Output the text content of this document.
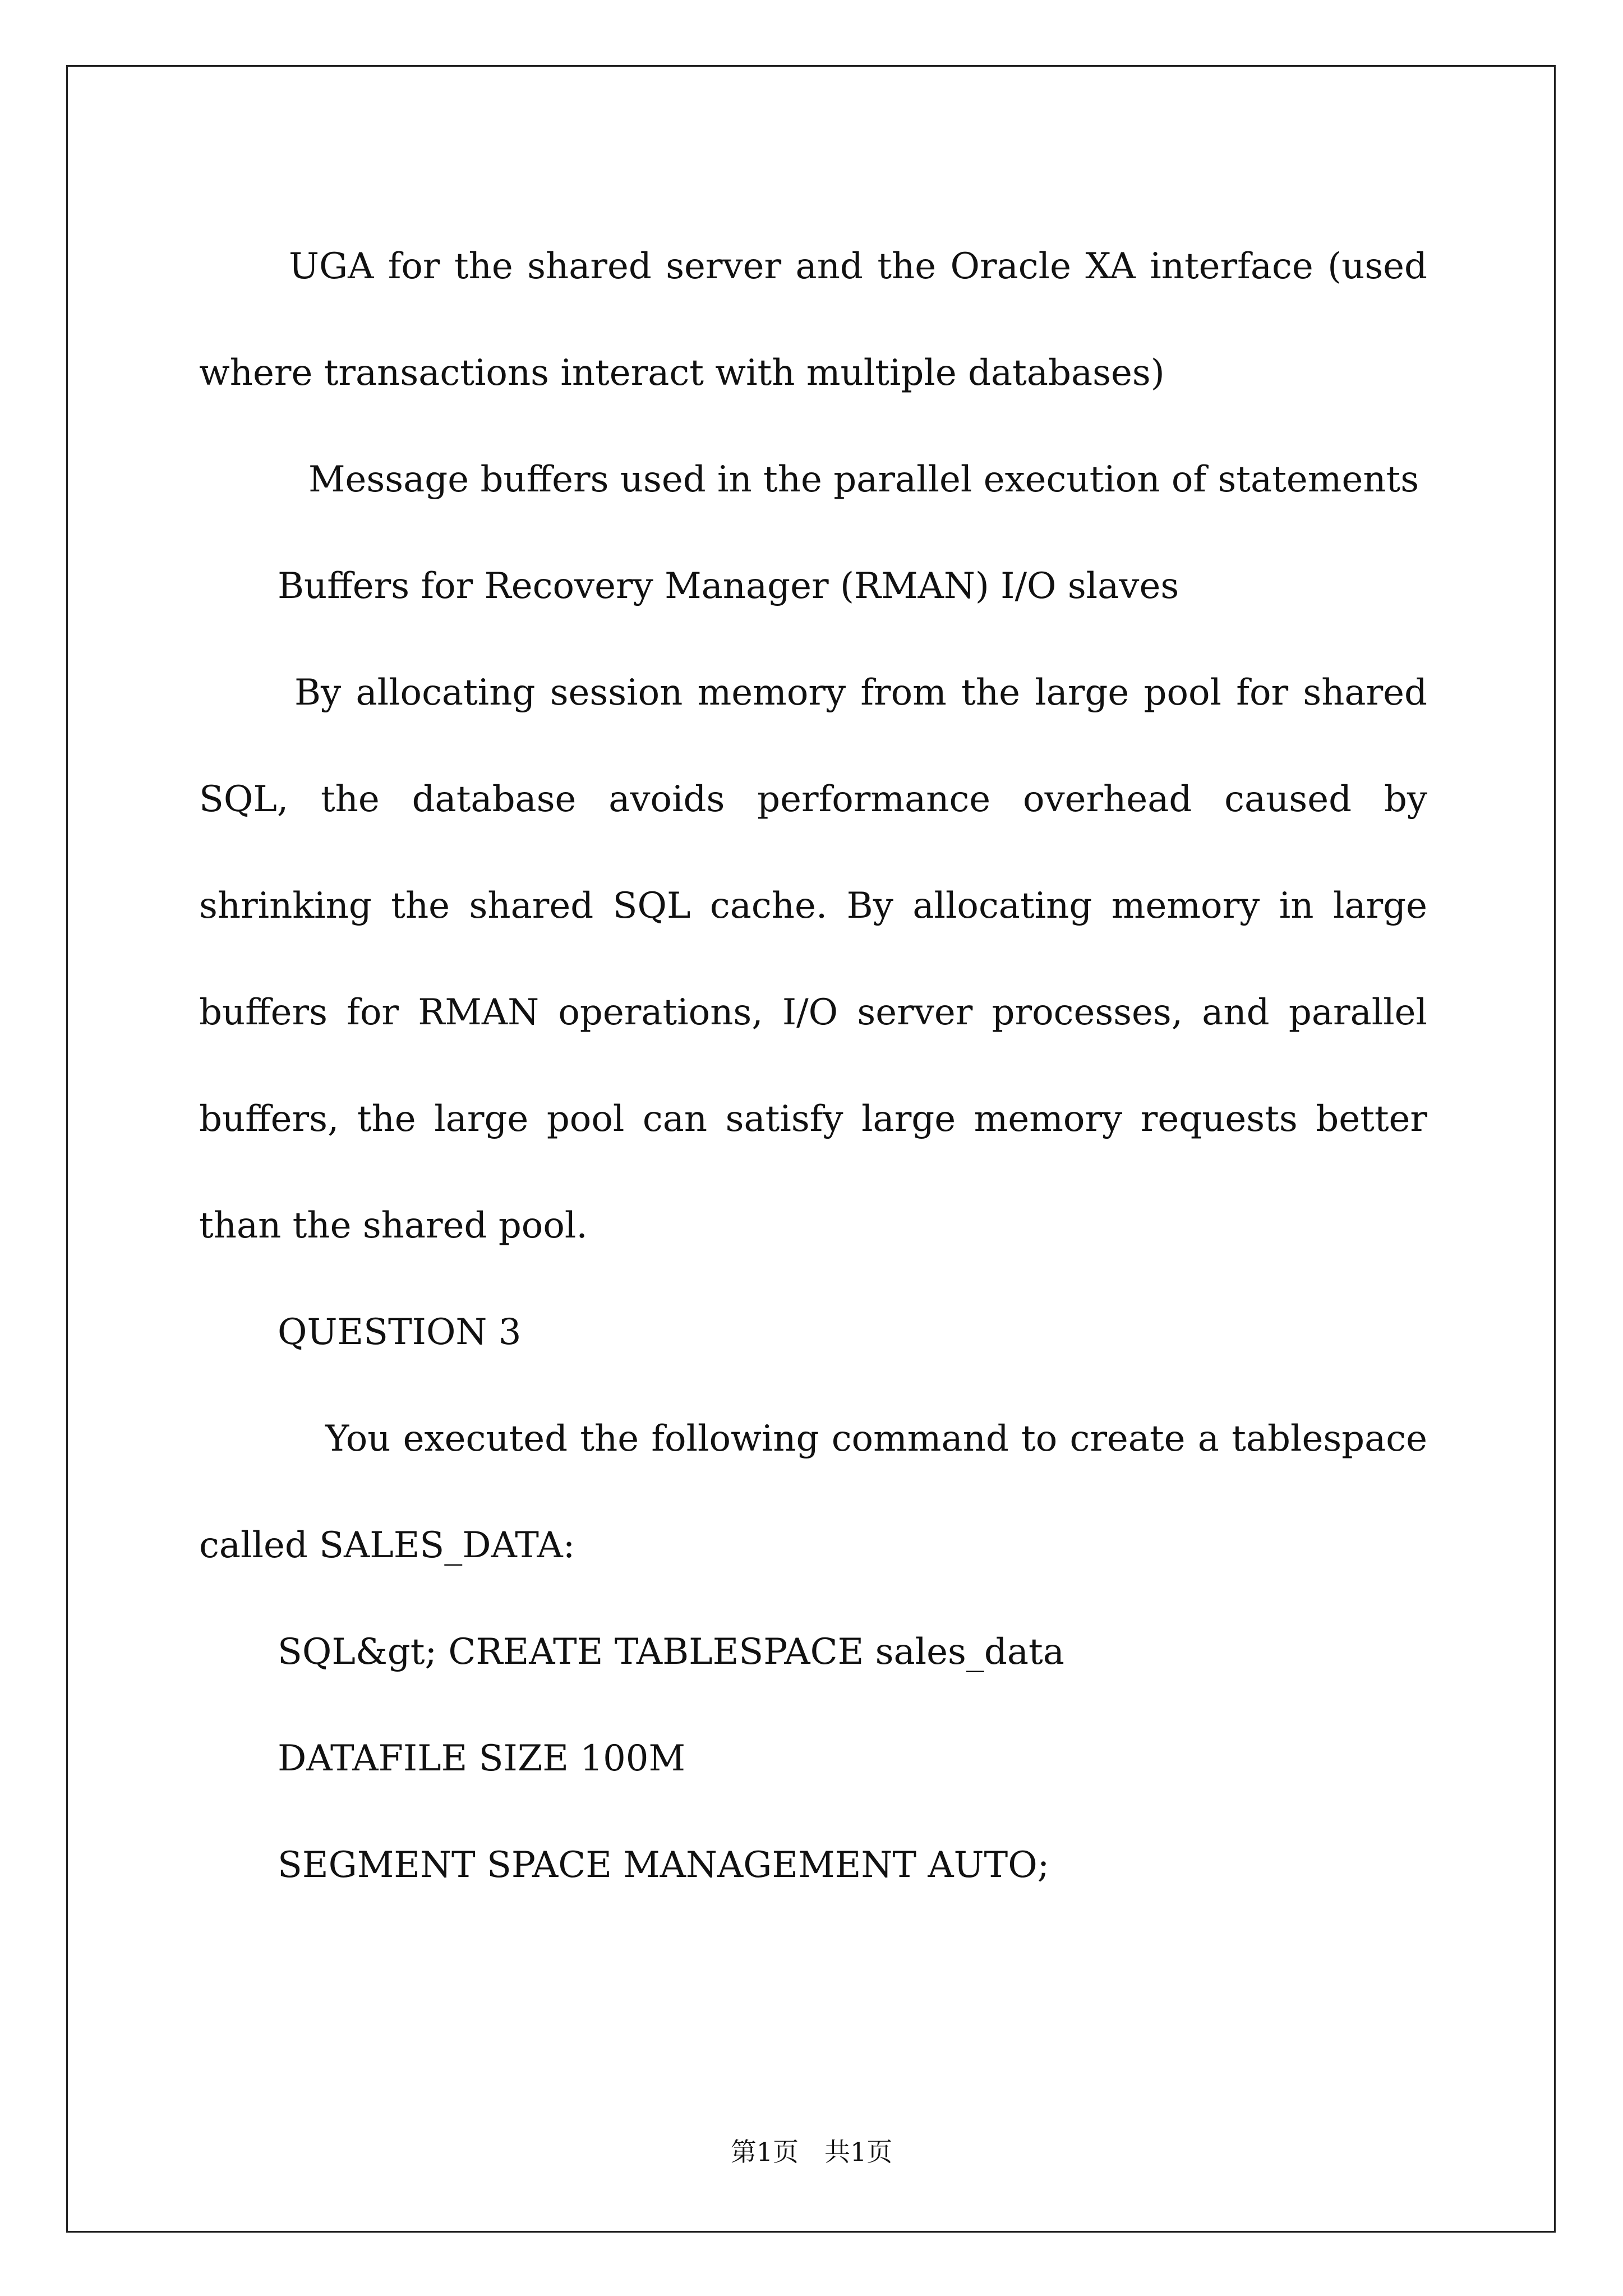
UGA for the shared server and the Oracle XA interface (used where transactions interact with multiple databases)

Message buffers used in the parallel execution of statements

Buffers for Recovery Manager (RMAN) I/O slaves

By allocating session memory from the large pool for shared SQL, the database avoids performance overhead caused by shrinking the shared SQL cache. By allocating memory in large buffers for RMAN operations, I/O server processes, and parallel buffers, the large pool can satisfy large memory requests better than the shared pool.

QUESTION 3

You executed the following command to create a tablespace called SALES_DATA:

SQL&gt; CREATE TABLESPACE sales_data

DATAFILE SIZE 100M

SEGMENT SPACE MANAGEMENT AUTO;

第1页　共1页
